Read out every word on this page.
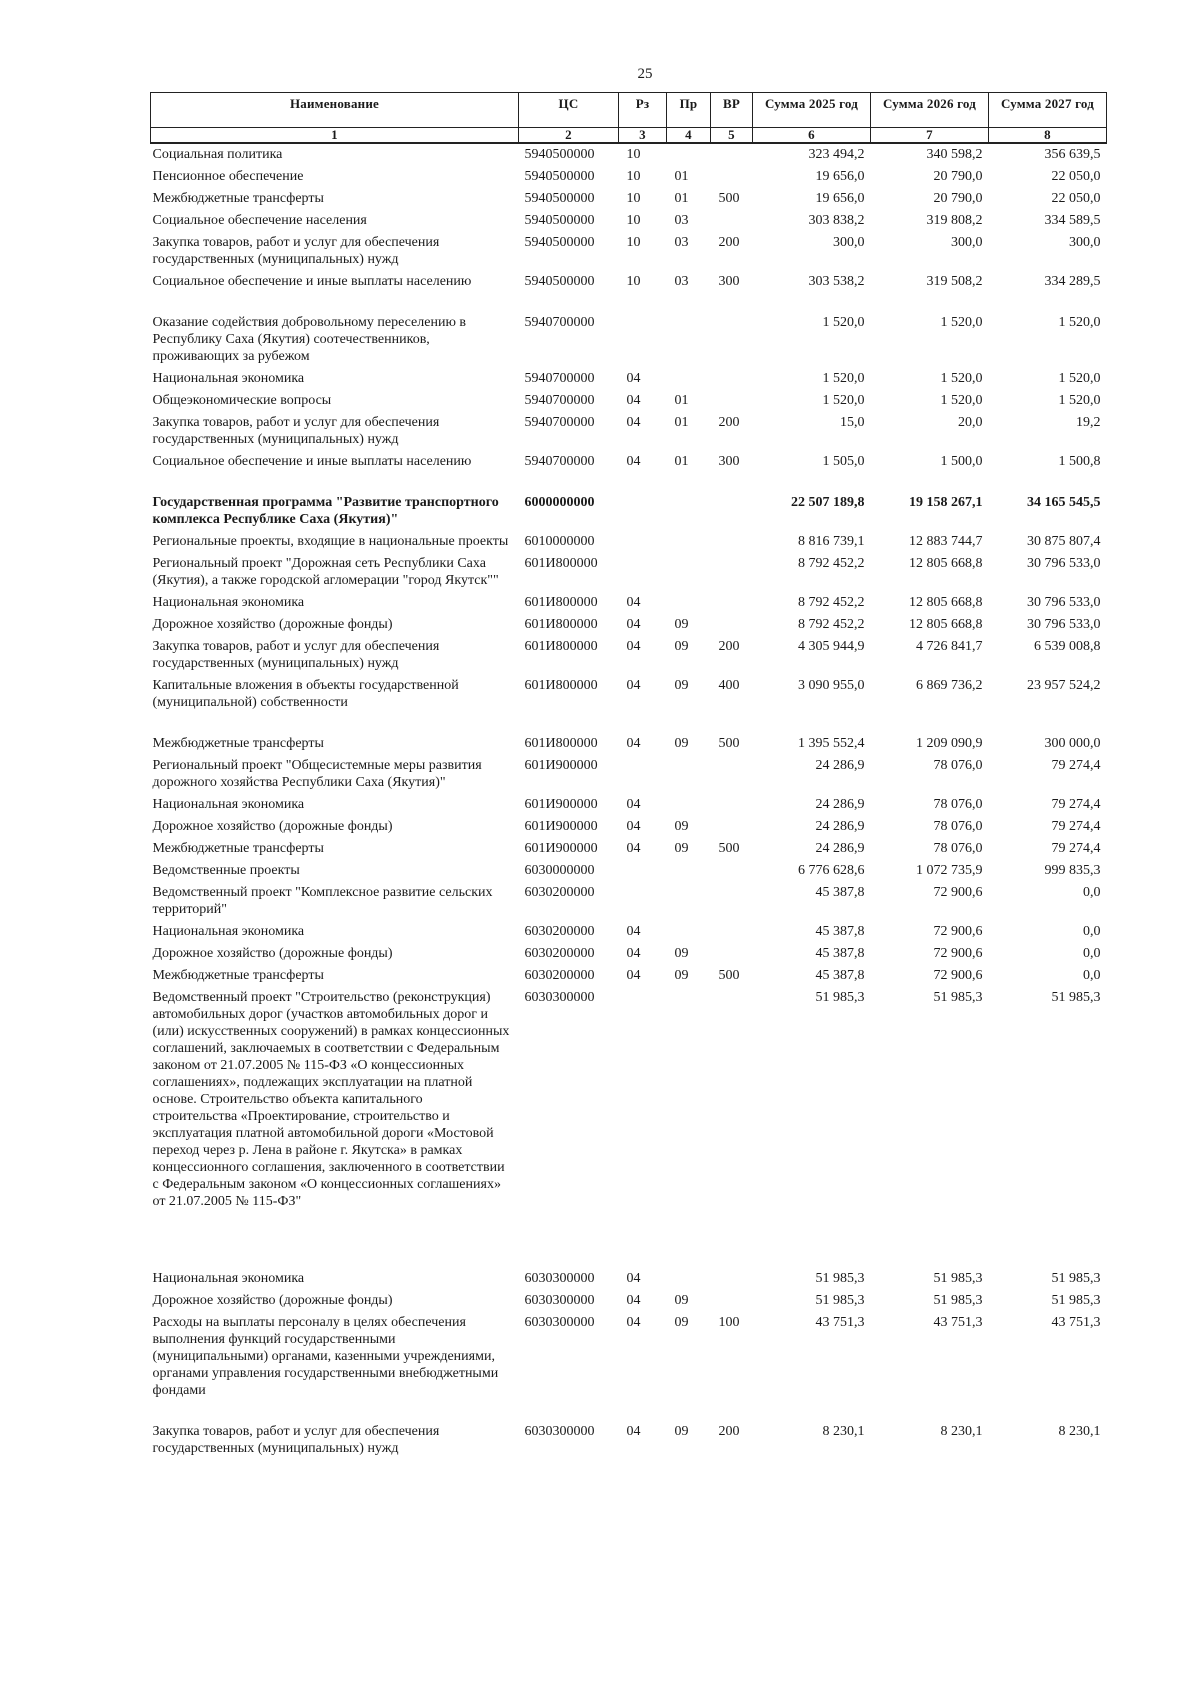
25
Наименование	ЦС	Рз	Пр	ВР	Сумма 2025 год	Сумма 2026 год	Сумма 2027 год
1	2	3	4	5	6	7	8
Социальная политика	5940500000	10			323 494,2	340 598,2	356 639,5
Пенсионное обеспечение	5940500000	10	01		19 656,0	20 790,0	22 050,0
Межбюджетные трансферты	5940500000	10	01	500	19 656,0	20 790,0	22 050,0
Социальное обеспечение населения	5940500000	10	03		303 838,2	319 808,2	334 589,5
Закупка товаров, работ и услуг для обеспечения государственных (муниципальных) нужд	5940500000	10	03	200	300,0	300,0	300,0
Социальное обеспечение и иные выплаты населению	5940500000	10	03	300	303 538,2	319 508,2	334 289,5
Оказание содействия добровольному переселению в Республику Саха (Якутия) соотечественников, проживающих за рубежом	5940700000				1 520,0	1 520,0	1 520,0
Национальная экономика	5940700000	04			1 520,0	1 520,0	1 520,0
Общеэкономические вопросы	5940700000	04	01		1 520,0	1 520,0	1 520,0
Закупка товаров, работ и услуг для обеспечения государственных (муниципальных) нужд	5940700000	04	01	200	15,0	20,0	19,2
Социальное обеспечение и иные выплаты населению	5940700000	04	01	300	1 505,0	1 500,0	1 500,8
Государственная программа "Развитие транспортного комплекса Республике Саха (Якутия)"	6000000000				22 507 189,8	19 158 267,1	34 165 545,5
Региональные проекты, входящие в национальные проекты	6010000000				8 816 739,1	12 883 744,7	30 875 807,4
Региональный проект "Дорожная сеть Республики Саха (Якутия), а также городской агломерации "город Якутск""	601И800000				8 792 452,2	12 805 668,8	30 796 533,0
Национальная экономика	601И800000	04			8 792 452,2	12 805 668,8	30 796 533,0
Дорожное хозяйство (дорожные фонды)	601И800000	04	09		8 792 452,2	12 805 668,8	30 796 533,0
Закупка товаров, работ и услуг для обеспечения государственных (муниципальных) нужд	601И800000	04	09	200	4 305 944,9	4 726 841,7	6 539 008,8
Капитальные вложения в объекты государственной (муниципальной) собственности	601И800000	04	09	400	3 090 955,0	6 869 736,2	23 957 524,2
Межбюджетные трансферты	601И800000	04	09	500	1 395 552,4	1 209 090,9	300 000,0
Региональный проект "Общесистемные меры развития дорожного хозяйства Республики Саха (Якутия)"	601И900000				24 286,9	78 076,0	79 274,4
Национальная экономика	601И900000	04			24 286,9	78 076,0	79 274,4
Дорожное хозяйство (дорожные фонды)	601И900000	04	09		24 286,9	78 076,0	79 274,4
Межбюджетные трансферты	601И900000	04	09	500	24 286,9	78 076,0	79 274,4
Ведомственные проекты	6030000000				6 776 628,6	1 072 735,9	999 835,3
Ведомственный проект "Комплексное развитие сельских территорий"	6030200000				45 387,8	72 900,6	0,0
Национальная экономика	6030200000	04			45 387,8	72 900,6	0,0
Дорожное хозяйство (дорожные фонды)	6030200000	04	09		45 387,8	72 900,6	0,0
Межбюджетные трансферты	6030200000	04	09	500	45 387,8	72 900,6	0,0
Ведомственный проект "Строительство (реконструкция) автомобильных дорог (участков автомобильных дорог и (или) искусственных сооружений) в рамках концессионных соглашений, заключаемых в соответствии с Федеральным законом от 21.07.2005 № 115-ФЗ «О концессионных соглашениях», подлежащих эксплуатации на платной основе. Строительство объекта капитального строительства «Проектирование, строительство и эксплуатация платной автомобильной дороги «Мостовой переход через р. Лена в районе г. Якутска» в рамках концессионного соглашения, заключенного в соответствии с Федеральным законом «О концессионных соглашениях» от 21.07.2005 № 115-ФЗ"	6030300000				51 985,3	51 985,3	51 985,3
Национальная экономика	6030300000	04			51 985,3	51 985,3	51 985,3
Дорожное хозяйство (дорожные фонды)	6030300000	04	09		51 985,3	51 985,3	51 985,3
Расходы на выплаты персоналу в целях обеспечения выполнения функций государственными (муниципальными) органами, казенными учреждениями, органами управления государственными внебюджетными фондами	6030300000	04	09	100	43 751,3	43 751,3	43 751,3
Закупка товаров, работ и услуг для обеспечения государственных (муниципальных) нужд	6030300000	04	09	200	8 230,1	8 230,1	8 230,1
